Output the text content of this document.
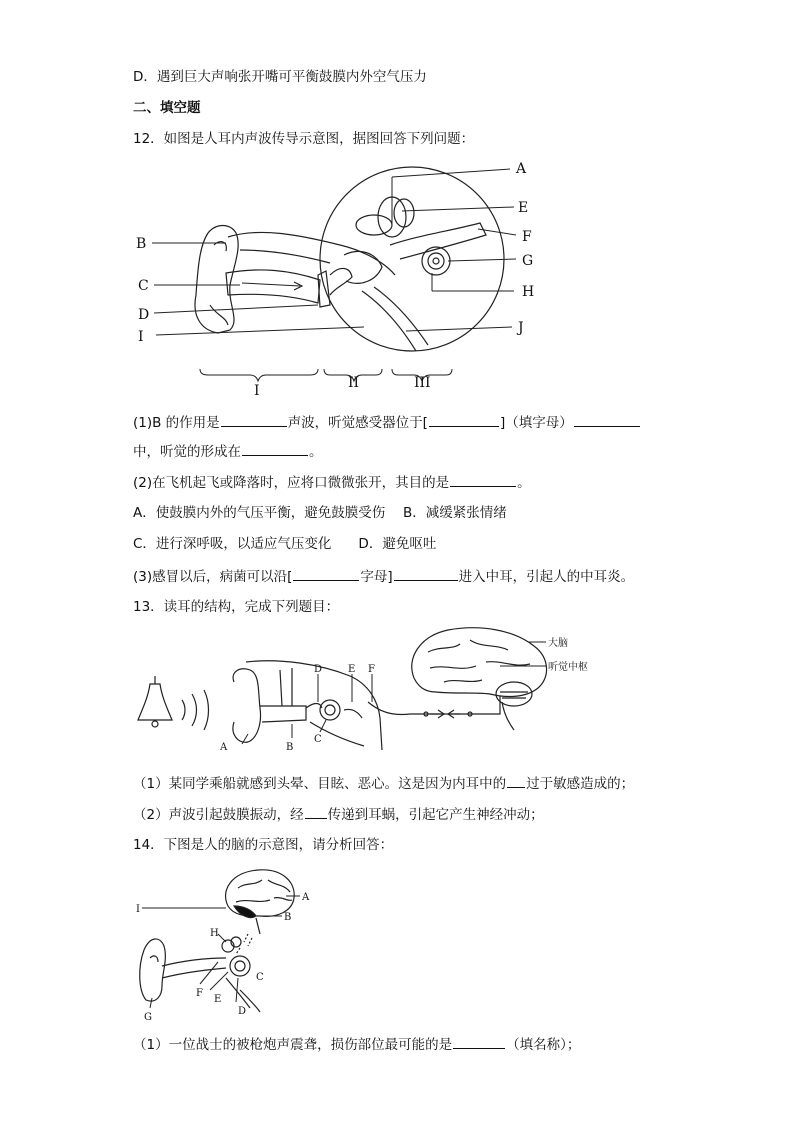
D．遇到巨大声响张开嘴可平衡鼓膜内外空气压力
二、填空题
12．如图是人耳内声波传导示意图，据图回答下列问题：
(1)B 的作用是	声波，听觉感受器位于[	]（填字母）
中，听觉的形成在	。
(2)在飞机起飞或降落时，应将口微微张开，其目的是	。
A．使鼓膜内外的气压平衡，避免鼓膜受伤　 B．减缓紧张情绪
C．进行深呼吸，以适应气压变化　　D．避免呕吐
(3)感冒以后，病菌可以沿[	字母]	进入中耳，引起人的中耳炎。
13．读耳的结构，完成下列题目：
（1）某同学乘船就感到头晕、目眩、恶心。这是因为内耳中的 过于敏感造成的；
（2）声波引起鼓膜振动，经 传递到耳蜗，引起它产生神经冲动；
14．下图是人的脑的示意图，请分析回答：
（1）一位战士的被枪炮声震聋，损伤部位最可能的是	（填名称）；
A
B
C
D
E
F
G
H
I
J
I	II	III
A	B
C
D	E F
大脑
听觉中枢
A
B
C
D
E
F
G
H
I
